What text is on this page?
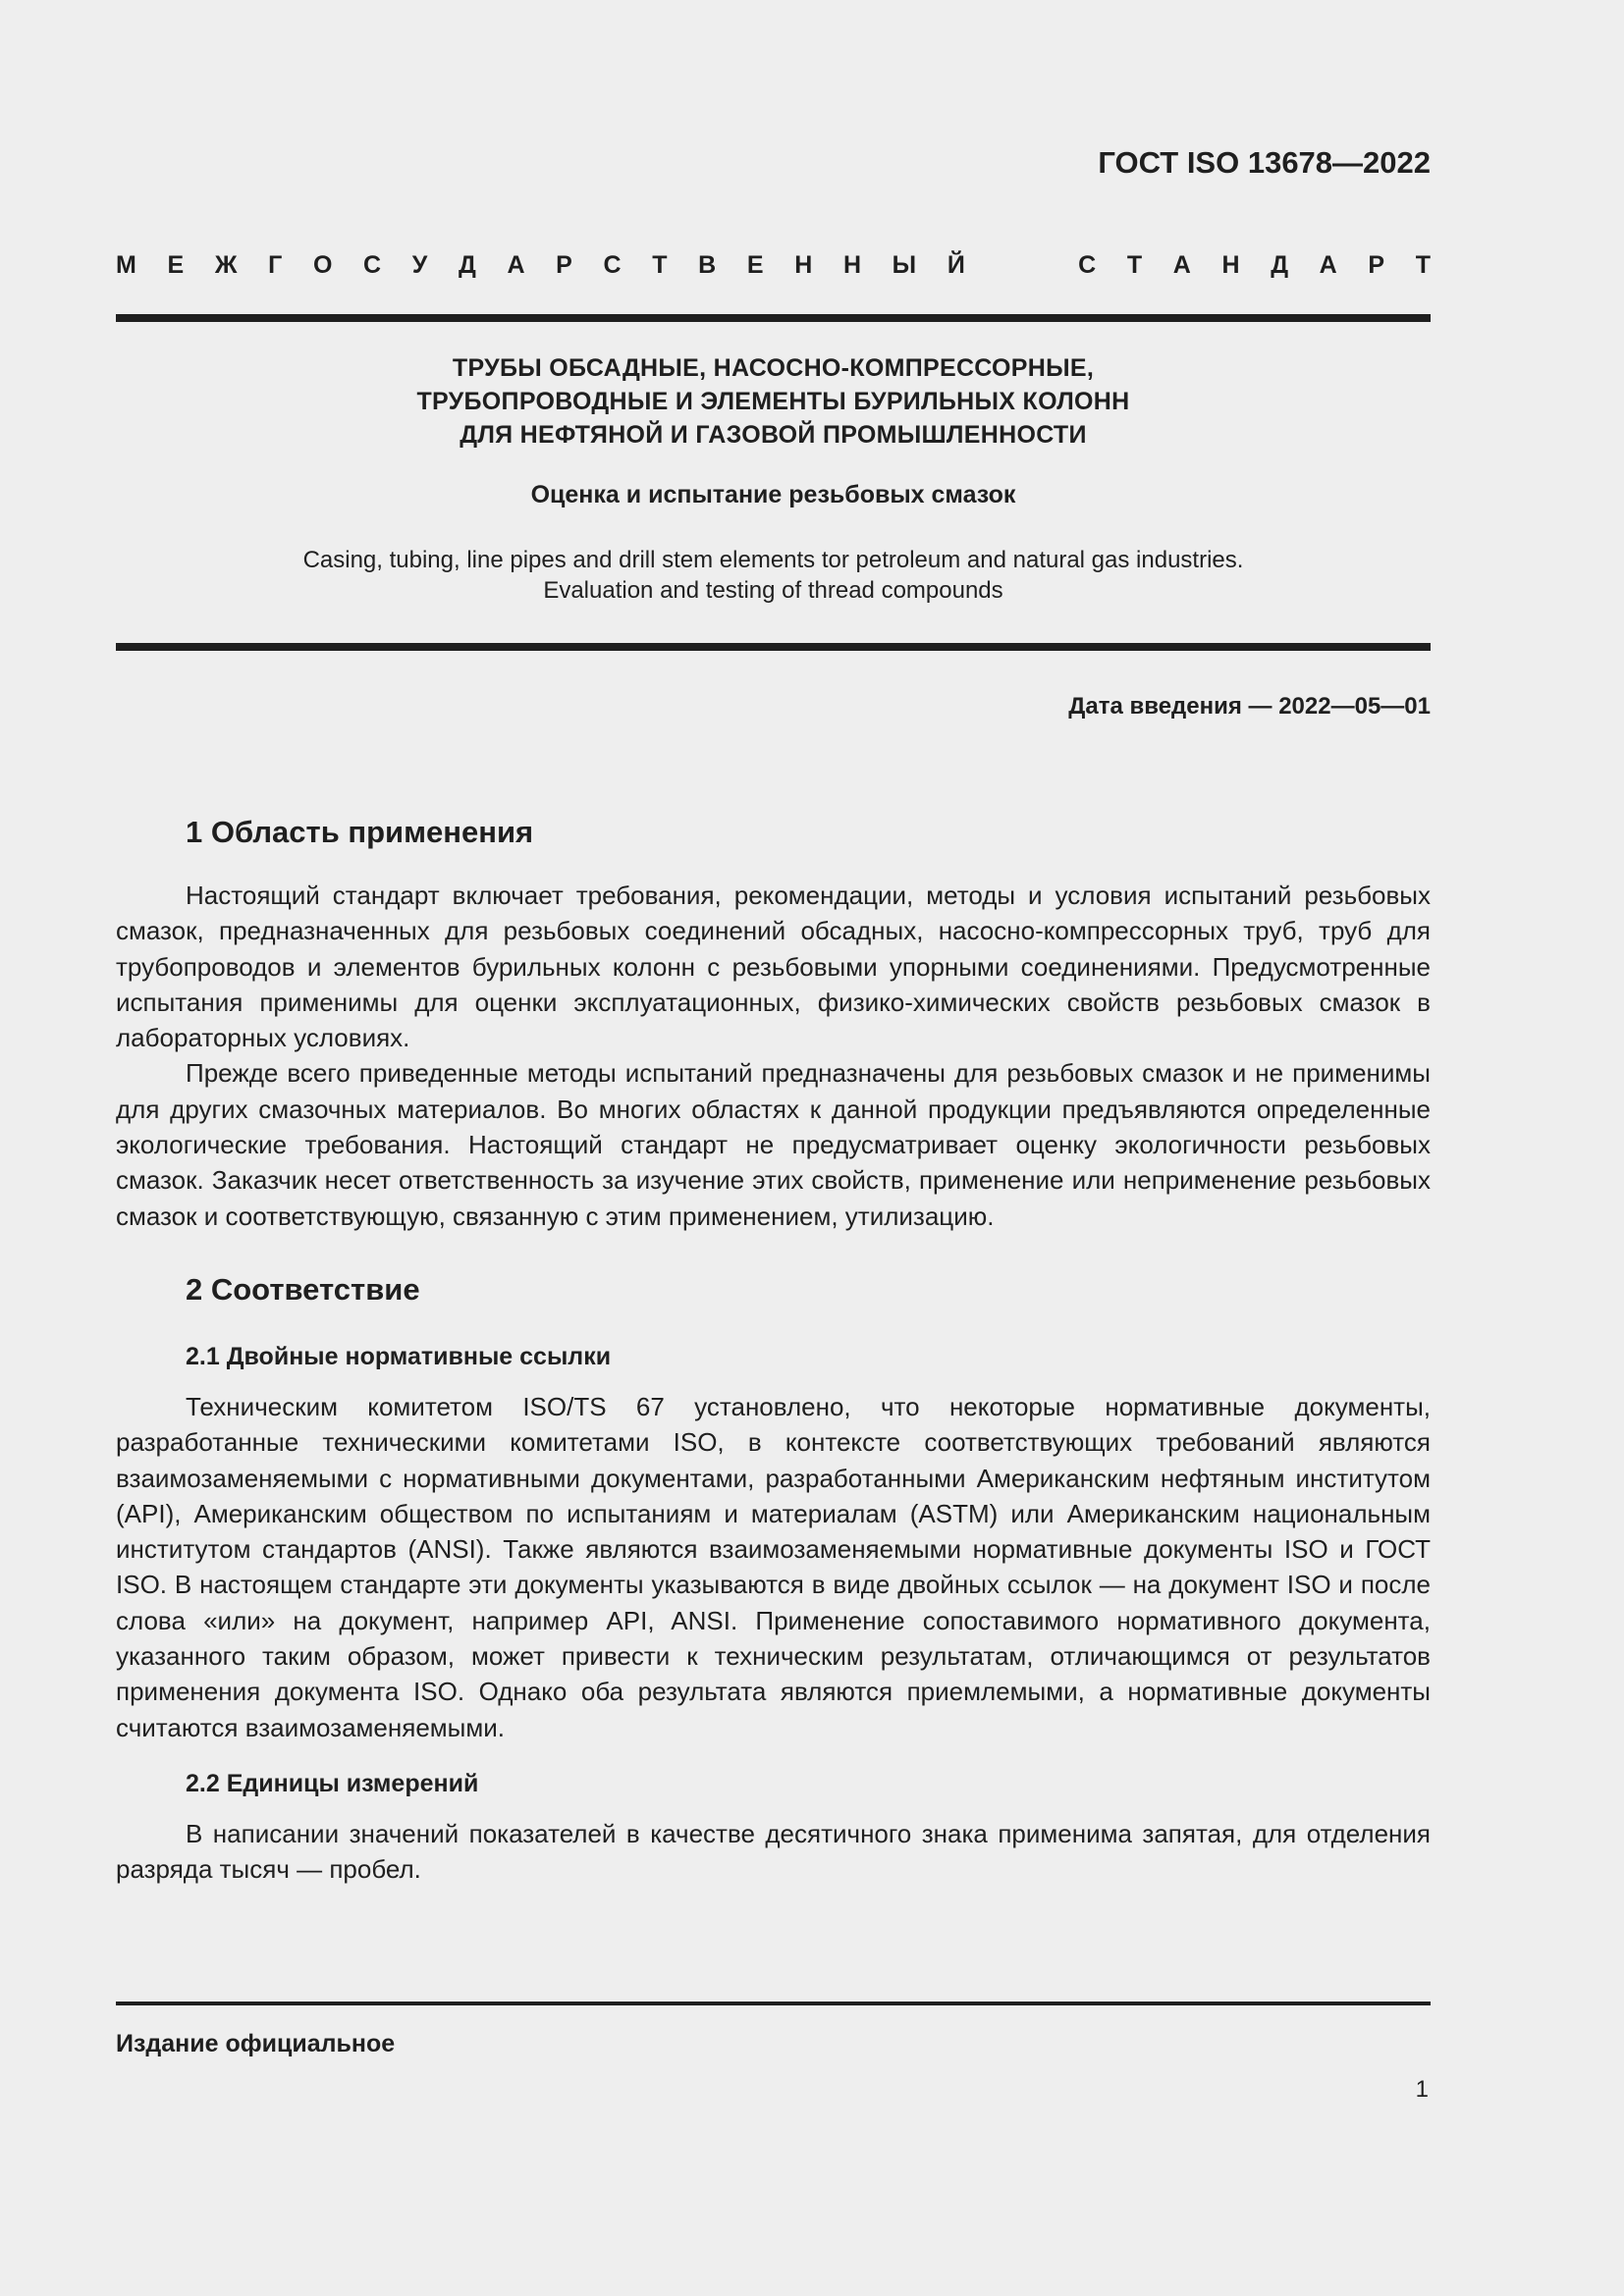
ГОСТ ISO 13678—2022
М Е Ж Г О С У Д А Р С Т В Е Н Н Ы Й	С Т А Н Д А Р Т
ТРУБЫ ОБСАДНЫЕ, НАСОСНО-КОМПРЕССОРНЫЕ,
ТРУБОПРОВОДНЫЕ И ЭЛЕМЕНТЫ БУРИЛЬНЫХ КОЛОНН
ДЛЯ НЕФТЯНОЙ И ГАЗОВОЙ ПРОМЫШЛЕННОСТИ
Оценка и испытание резьбовых смазок
Casing, tubing, line pipes and drill stem elements tor petroleum and natural gas industries.
Evaluation and testing of thread compounds
Дата введения — 2022—05—01
1 Область применения

Настоящий стандарт включает требования, рекомендации, методы и условия испытаний резьбовых смазок, предназначенных для резьбовых соединений обсадных, насосно-компрессорных труб, труб для трубопроводов и элементов бурильных колонн с резьбовыми упорными соединениями. Предусмотренные испытания применимы для оценки эксплуатационных, физико-химических свойств резьбовых смазок в лабораторных условиях.

Прежде всего приведенные методы испытаний предназначены для резьбовых смазок и не применимы для других смазочных материалов. Во многих областях к данной продукции предъявляются определенные экологические требования. Настоящий стандарт не предусматривает оценку экологичности резьбовых смазок. Заказчик несет ответственность за изучение этих свойств, применение или неприменение резьбовых смазок и соответствующую, связанную с этим применением, утилизацию.

2 Соответствие
2.1 Двойные нормативные ссылки

Техническим комитетом ISO/TS 67 установлено, что некоторые нормативные документы, разработанные техническими комитетами ISO, в контексте соответствующих требований являются взаимозаменяемыми с нормативными документами, разработанными Американским нефтяным институтом (API), Американским обществом по испытаниям и материалам (ASTM) или Американским национальным институтом стандартов (ANSI). Также являются взаимозаменяемыми нормативные документы ISO и ГОСТ ISO. В настоящем стандарте эти документы указываются в виде двойных ссылок — на документ ISO и после слова «или» на документ, например API, ANSI. Применение сопоставимого нормативного документа, указанного таким образом, может привести к техническим результатам, отличающимся от результатов применения документа ISO. Однако оба результата являются приемлемыми, а нормативные документы считаются взаимозаменяемыми.

2.2 Единицы измерений

В написании значений показателей в качестве десятичного знака применима запятая, для отделения разряда тысяч — пробел.

Издание официальное
1
